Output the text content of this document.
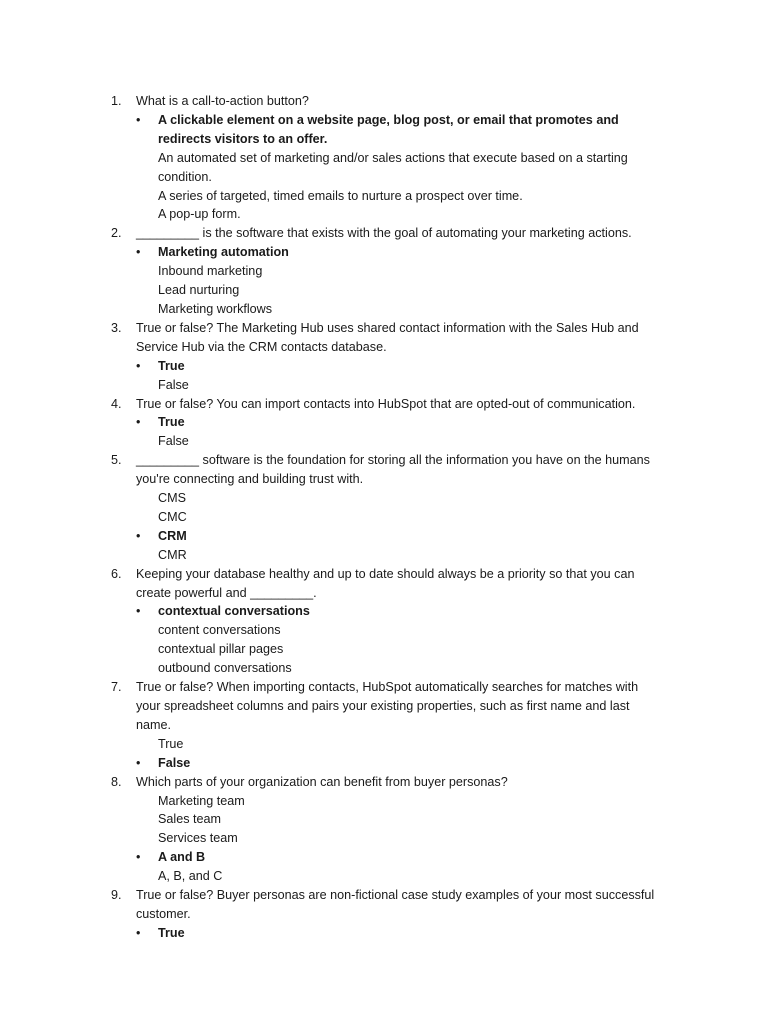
1.	What is a call-to-action button?
• A clickable element on a website page, blog post, or email that promotes and redirects visitors to an offer.
An automated set of marketing and/or sales actions that execute based on a starting condition.
A series of targeted, timed emails to nurture a prospect over time.
A pop-up form.
2.	_________ is the software that exists with the goal of automating your marketing actions.
• Marketing automation
Inbound marketing
Lead nurturing
Marketing workflows
3.	True or false? The Marketing Hub uses shared contact information with the Sales Hub and Service Hub via the CRM contacts database.
• True
False
4.	True or false? You can import contacts into HubSpot that are opted-out of communication.
• True
False
5.	_________ software is the foundation for storing all the information you have on the humans you're connecting and building trust with.
CMS
CMC
• CRM
CMR
6.	Keeping your database healthy and up to date should always be a priority so that you can create powerful and _________.
• contextual conversations
content conversations
contextual pillar pages
outbound conversations
7.	True or false? When importing contacts, HubSpot automatically searches for matches with your spreadsheet columns and pairs your existing properties, such as first name and last name.
True
• False
8.	Which parts of your organization can benefit from buyer personas?
Marketing team
Sales team
Services team
• A and B
A, B, and C
9.	True or false? Buyer personas are non-fictional case study examples of your most successful customer.
• True
